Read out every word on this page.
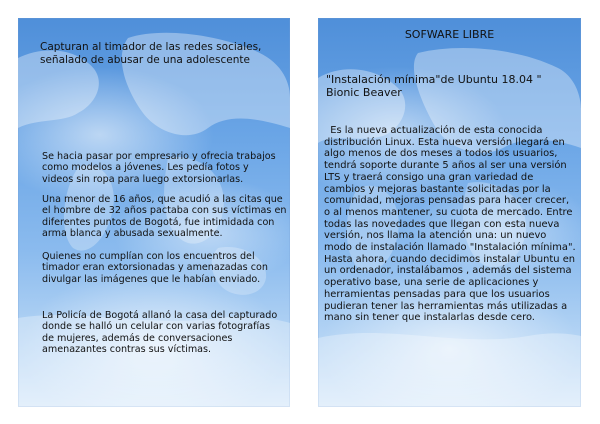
Capturan al timador de las redes sociales, señalado de abusar de una adolescente
Se hacia pasar por empresario y ofrecia trabajos como modelos a jóvenes. Les pedía fotos y videos sin ropa para luego extorsionarlas.
Una menor de 16 años, que acudió a las citas que el hombre de 32 años pactaba con sus víctimas en diferentes puntos de Bogotá, fue intimidada con arma blanca y abusada sexualmente.
Quienes no cumplían con los encuentros del timador eran extorsionadas y amenazadas con divulgar las imágenes que le habían enviado.
La Policía de Bogotá allanó la casa del capturado donde se halló un celular con varias fotografías de mujeres, además de conversaciones amenazantes contras sus víctimas.
SOFWARE LIBRE
"Instalación mínima"de Ubuntu 18.04 " Bionic Beaver
Es la nueva actualización de esta conocida distribución Linux. Esta nueva versión llegará en algo menos de dos meses a todos los usuarios, tendrá soporte durante 5 años al ser una versión LTS y traerá consigo una gran variedad de cambios y mejoras bastante solicitadas por la comunidad, mejoras pensadas para hacer crecer, o al menos mantener, su cuota de mercado. Entre todas las novedades que llegan con esta nueva versión, nos llama la atención una: un nuevo modo de instalación llamado "Instalación mínima". Hasta ahora, cuando decidimos instalar Ubuntu en un ordenador, instalábamos , además del sistema operativo base, una serie de aplicaciones y herramientas pensadas para que los usuarios pudieran tener las herramientas más utilizadas a mano sin tener que instalarlas desde cero.
